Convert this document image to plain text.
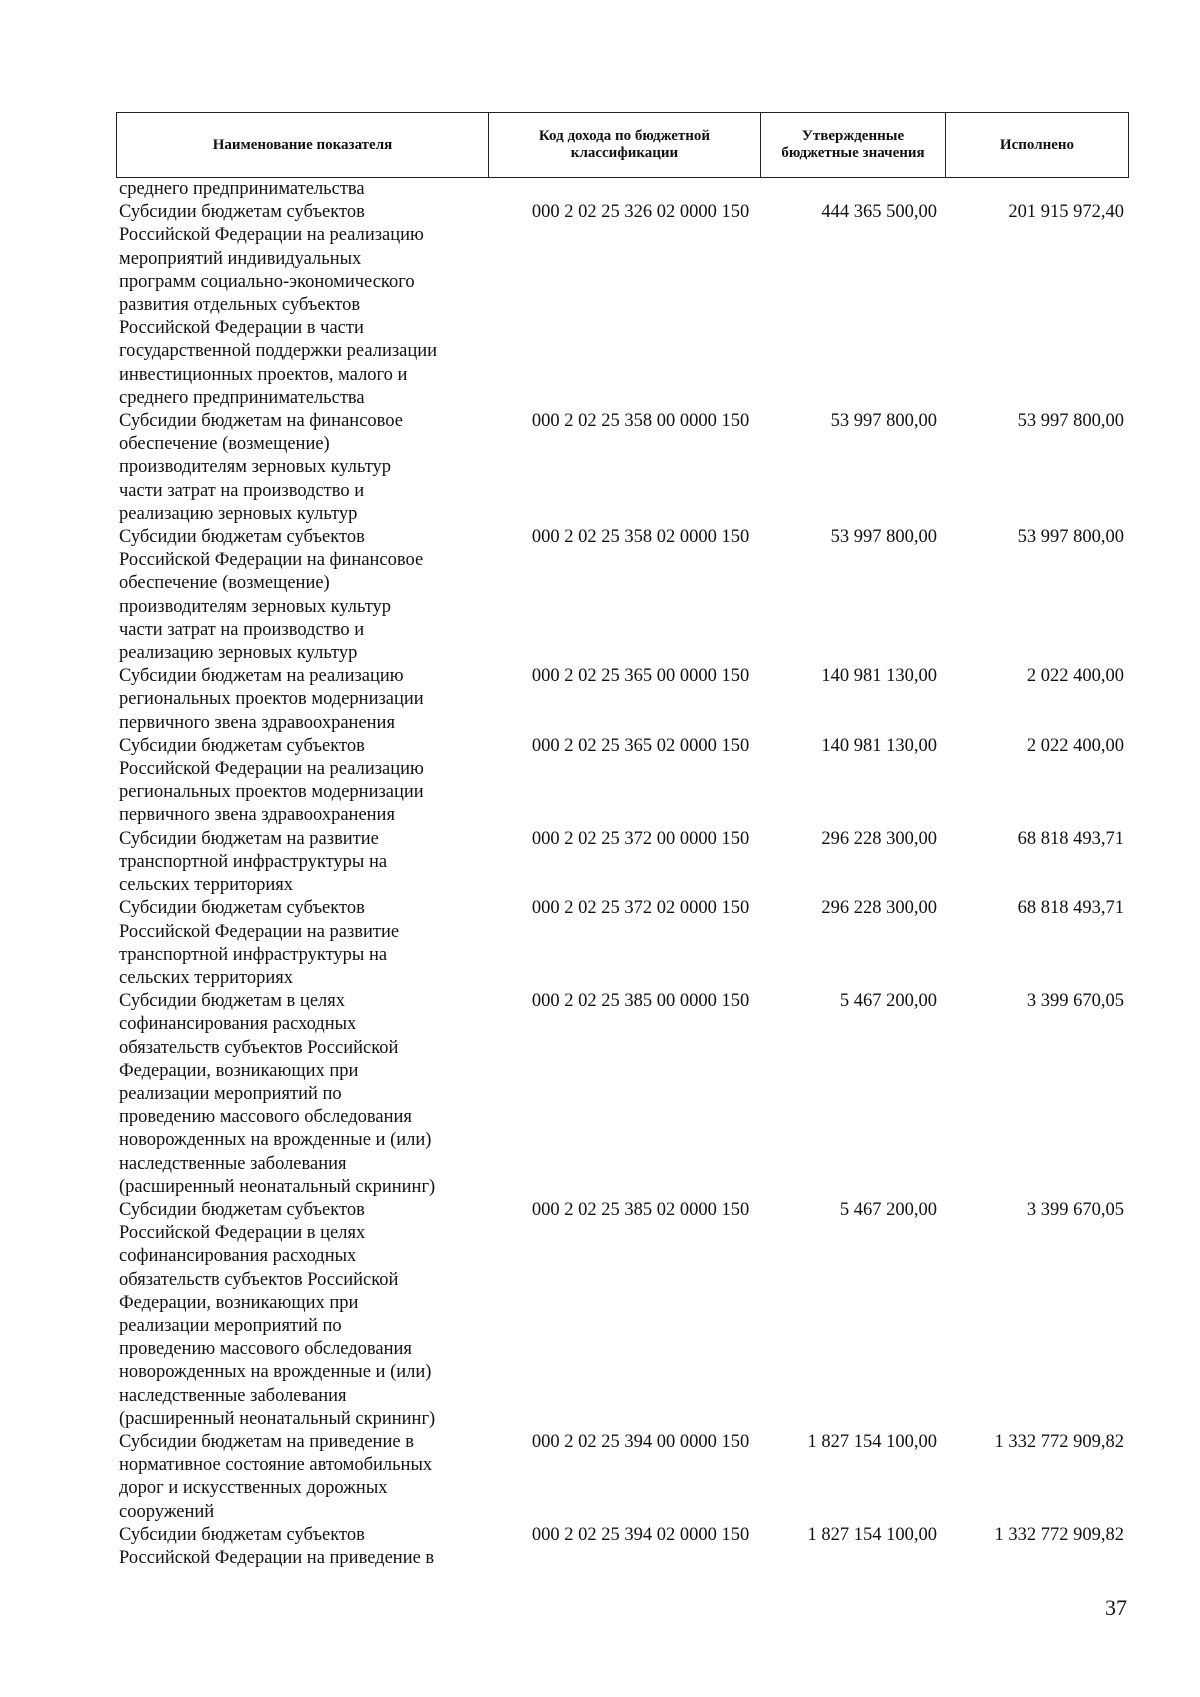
Наименование показателя	Код дохода по бюджетной классификации	Утвержденные бюджетные значения	Исполнено
среднего предпринимательства
Субсидии бюджетам субъектов
Российской Федерации на реализацию
мероприятий индивидуальных
программ социально-экономического
развития отдельных субъектов
Российской Федерации в части
государственной поддержки реализации
инвестиционных проектов, малого и
среднего предпринимательства
000 2 02 25 326 02 0000 150	444 365 500,00	201 915 972,40
Субсидии бюджетам на финансовое
обеспечение (возмещение)
производителям зерновых культур
части затрат на производство и
реализацию зерновых культур
000 2 02 25 358 00 0000 150	53 997 800,00	53 997 800,00
Субсидии бюджетам субъектов
Российской Федерации на финансовое
обеспечение (возмещение)
производителям зерновых культур
части затрат на производство и
реализацию зерновых культур
000 2 02 25 358 02 0000 150	53 997 800,00	53 997 800,00
Субсидии бюджетам на реализацию
региональных проектов модернизации
первичного звена здравоохранения
000 2 02 25 365 00 0000 150	140 981 130,00	2 022 400,00
Субсидии бюджетам субъектов
Российской Федерации на реализацию
региональных проектов модернизации
первичного звена здравоохранения
000 2 02 25 365 02 0000 150	140 981 130,00	2 022 400,00
Субсидии бюджетам на развитие
транспортной инфраструктуры на
сельских территориях
000 2 02 25 372 00 0000 150	296 228 300,00	68 818 493,71
Субсидии бюджетам субъектов
Российской Федерации на развитие
транспортной инфраструктуры на
сельских территориях
000 2 02 25 372 02 0000 150	296 228 300,00	68 818 493,71
Субсидии бюджетам в целях
софинансирования расходных
обязательств субъектов Российской
Федерации, возникающих при
реализации мероприятий по
проведению массового обследования
новорожденных на врожденные и (или)
наследственные заболевания
(расширенный неонатальный скрининг)
000 2 02 25 385 00 0000 150	5 467 200,00	3 399 670,05
Субсидии бюджетам субъектов
Российской Федерации в целях
софинансирования расходных
обязательств субъектов Российской
Федерации, возникающих при
реализации мероприятий по
проведению массового обследования
новорожденных на врожденные и (или)
наследственные заболевания
(расширенный неонатальный скрининг)
000 2 02 25 385 02 0000 150	5 467 200,00	3 399 670,05
Субсидии бюджетам на приведение в
нормативное состояние автомобильных
дорог и искусственных дорожных
сооружений
000 2 02 25 394 00 0000 150	1 827 154 100,00	1 332 772 909,82
Субсидии бюджетам субъектов
Российской Федерации на приведение в
000 2 02 25 394 02 0000 150	1 827 154 100,00	1 332 772 909,82
37
